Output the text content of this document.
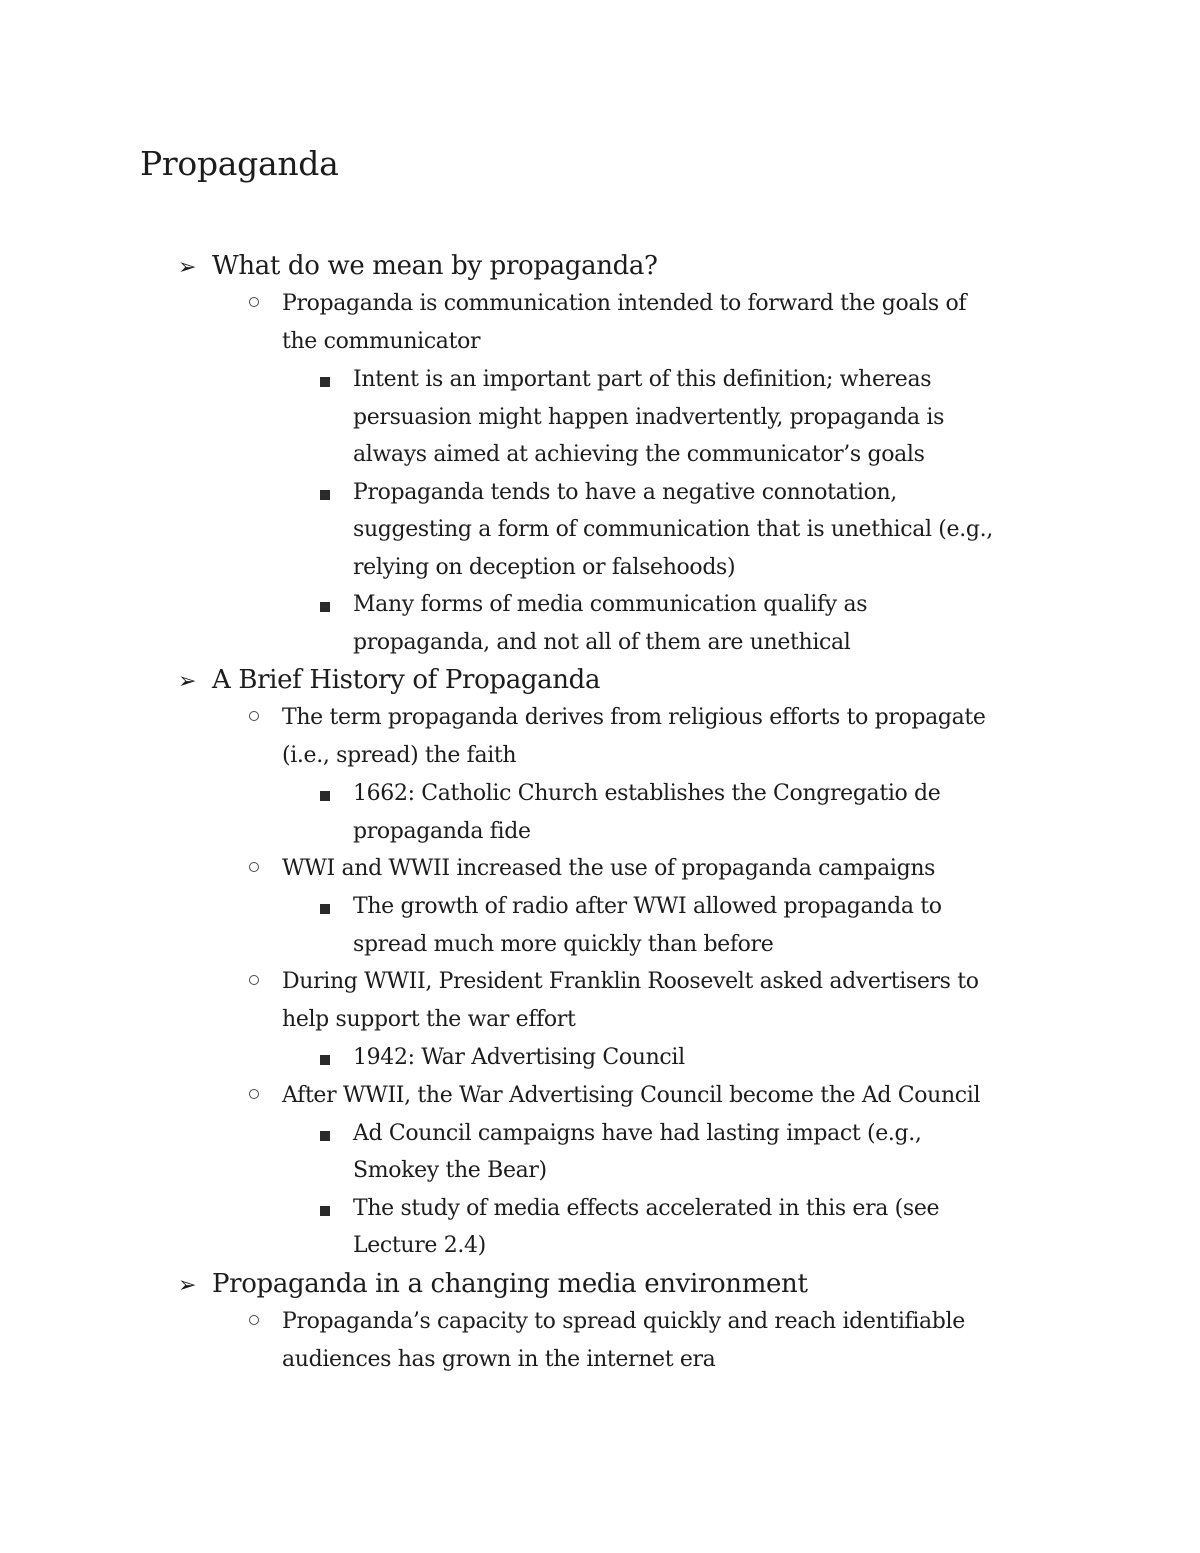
Propaganda
➢ What do we mean by propaganda?
Propaganda is communication intended to forward the goals of
the communicator
Intent is an important part of this definition; whereas
persuasion might happen inadvertently, propaganda is
always aimed at achieving the communicator’s goals
Propaganda tends to have a negative connotation,
suggesting a form of communication that is unethical (e.g.,
relying on deception or falsehoods)
Many forms of media communication qualify as
propaganda, and not all of them are unethical
➢ A Brief History of Propaganda
The term propaganda derives from religious efforts to propagate
(i.e., spread) the faith
1662: Catholic Church establishes the Congregatio de
propaganda fide
WWI and WWII increased the use of propaganda campaigns
The growth of radio after WWI allowed propaganda to
spread much more quickly than before
During WWII, President Franklin Roosevelt asked advertisers to
help support the war effort
1942: War Advertising Council
After WWII, the War Advertising Council become the Ad Council
Ad Council campaigns have had lasting impact (e.g.,
Smokey the Bear)
The study of media effects accelerated in this era (see
Lecture 2.4)
➢ Propaganda in a changing media environment
Propaganda’s capacity to spread quickly and reach identifiable
audiences has grown in the internet era
